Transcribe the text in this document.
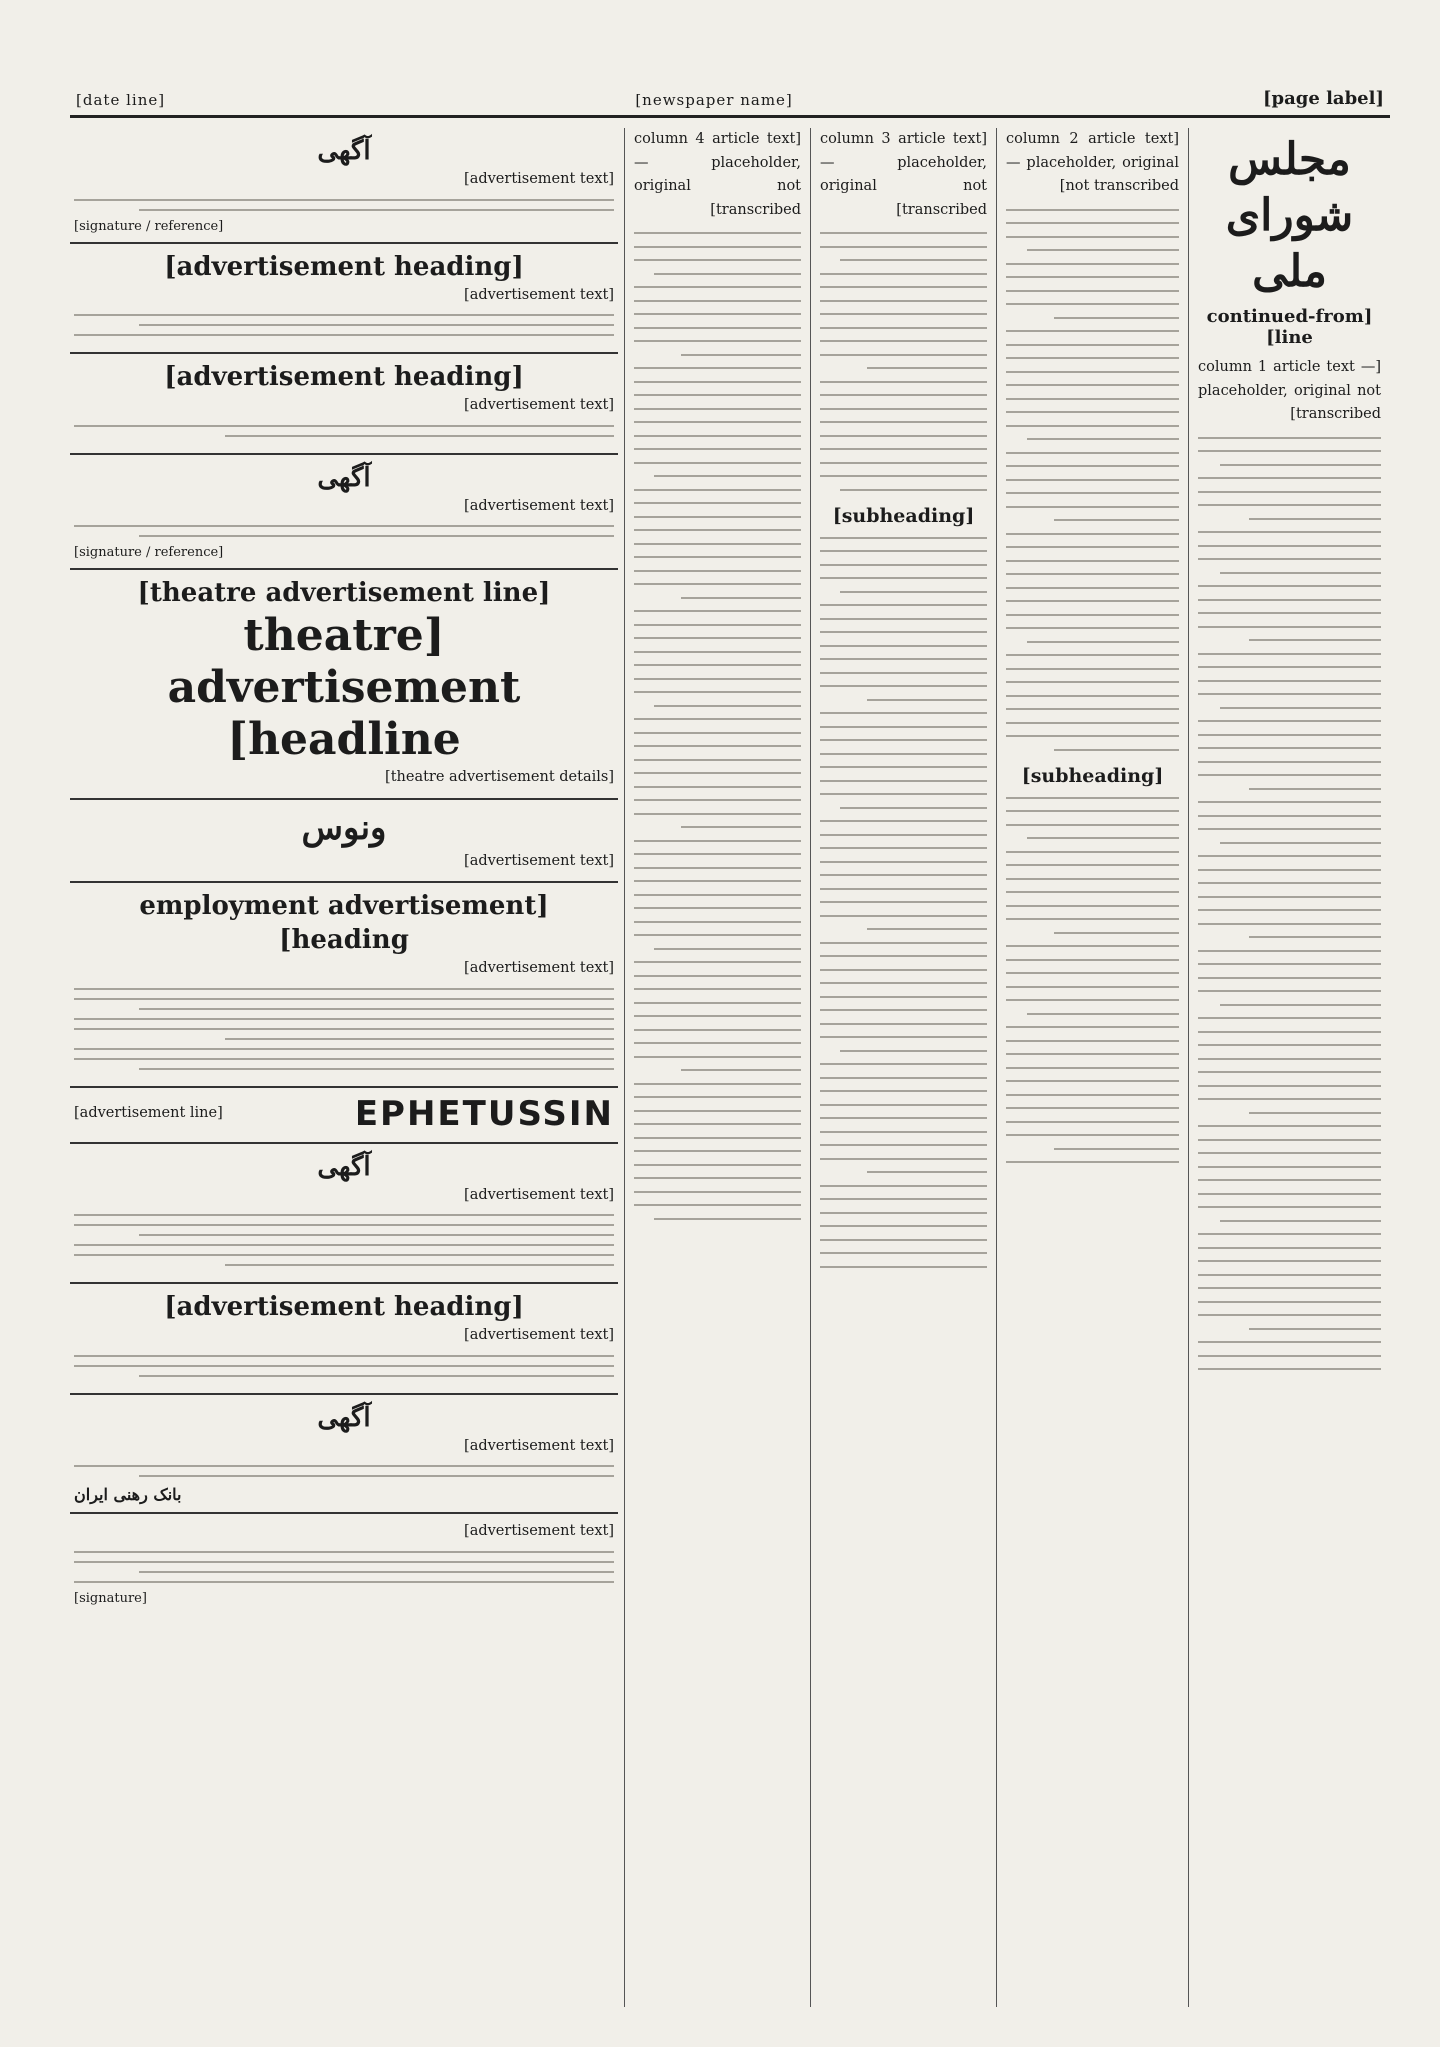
[page label]
[newspaper name]
[date line]
مجلس شورای ملی
[continued-from line]

[column 1 article text — placeholder, original not transcribed]

[column 2 article text — placeholder, original not transcribed]

[subheading]

[column 3 article text — placeholder, original not transcribed]

[subheading]

[column 4 article text — placeholder, original not transcribed]

آگهی

[advertisement text]

[signature / reference]
[advertisement heading]

[advertisement text]

[advertisement heading]

[advertisement text]

آگهی

[advertisement text]

[signature / reference]
[theatre advertisement line]
[theatre advertisement headline]

[theatre advertisement details]

ونوس

[advertisement text]

[employment advertisement heading]

[advertisement text]

EPHETUSSIN
[advertisement line]
آگهی

[advertisement text]

[advertisement heading]

[advertisement text]

آگهی

[advertisement text]

بانک رهنی ایران

[advertisement text]

[signature]
